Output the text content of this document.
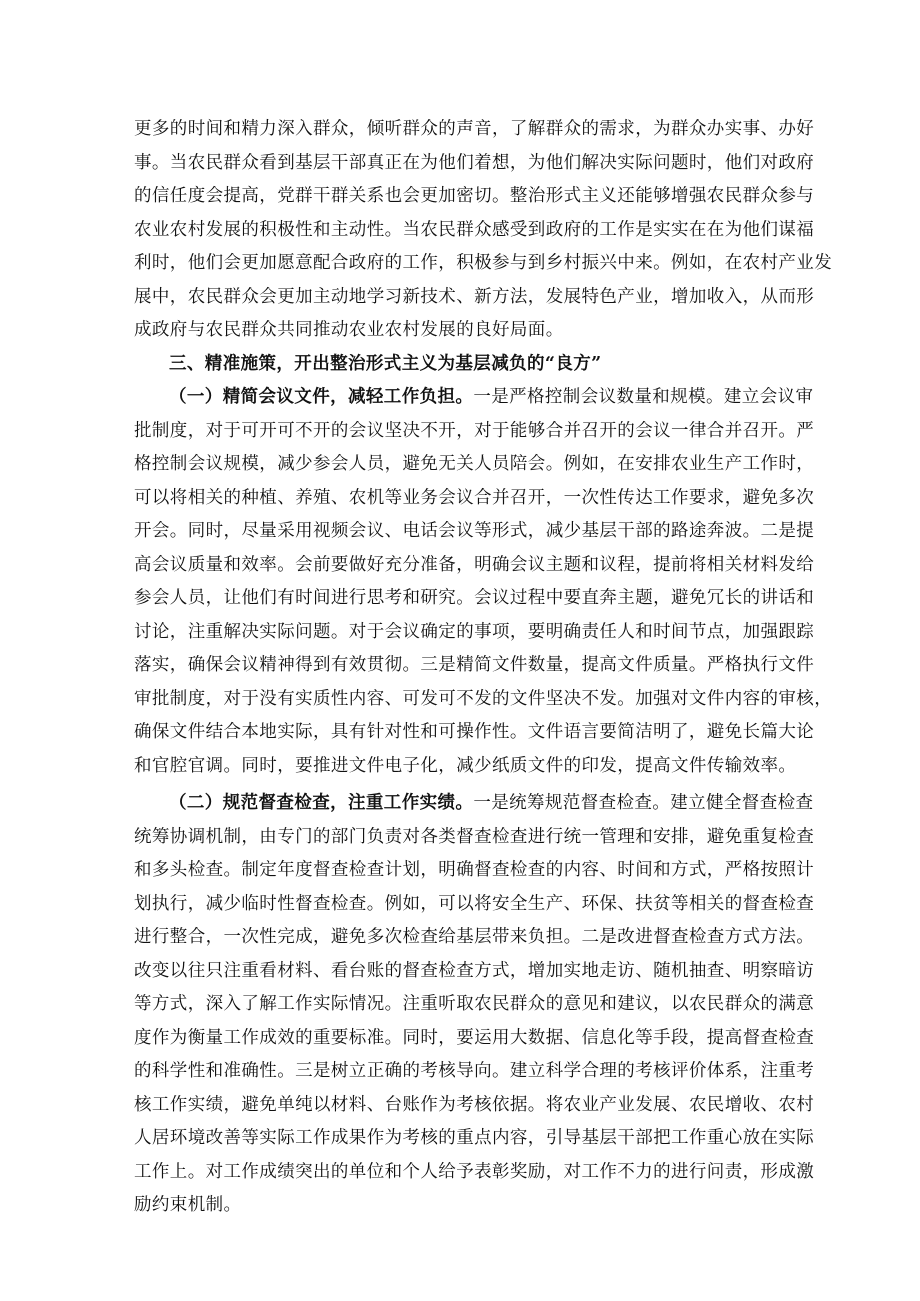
更多的时间和精力深入群众，倾听群众的声音，了解群众的需求，为群众办实事、办好
事。当农民群众看到基层干部真正在为他们着想，为他们解决实际问题时，他们对政府
的信任度会提高，党群干群关系也会更加密切。整治形式主义还能够增强农民群众参与
农业农村发展的积极性和主动性。当农民群众感受到政府的工作是实实在在为他们谋福
利时，他们会更加愿意配合政府的工作，积极参与到乡村振兴中来。例如，在农村产业发
展中，农民群众会更加主动地学习新技术、新方法，发展特色产业，增加收入，从而形
成政府与农民群众共同推动农业农村发展的良好局面。
三、精准施策，开出整治形式主义为基层减负的“良方”
（一）精简会议文件，减轻工作负担。一是严格控制会议数量和规模。建立会议审
批制度，对于可开可不开的会议坚决不开，对于能够合并召开的会议一律合并召开。严
格控制会议规模，减少参会人员，避免无关人员陪会。例如，在安排农业生产工作时，
可以将相关的种植、养殖、农机等业务会议合并召开，一次性传达工作要求，避免多次
开会。同时，尽量采用视频会议、电话会议等形式，减少基层干部的路途奔波。二是提
高会议质量和效率。会前要做好充分准备，明确会议主题和议程，提前将相关材料发给
参会人员，让他们有时间进行思考和研究。会议过程中要直奔主题，避免冗长的讲话和
讨论，注重解决实际问题。对于会议确定的事项，要明确责任人和时间节点，加强跟踪
落实，确保会议精神得到有效贯彻。三是精简文件数量，提高文件质量。严格执行文件
审批制度，对于没有实质性内容、可发可不发的文件坚决不发。加强对文件内容的审核，
确保文件结合本地实际，具有针对性和可操作性。文件语言要简洁明了，避免长篇大论
和官腔官调。同时，要推进文件电子化，减少纸质文件的印发，提高文件传输效率。
（二）规范督查检查，注重工作实绩。一是统筹规范督查检查。建立健全督查检查
统筹协调机制，由专门的部门负责对各类督查检查进行统一管理和安排，避免重复检查
和多头检查。制定年度督查检查计划，明确督查检查的内容、时间和方式，严格按照计
划执行，减少临时性督查检查。例如，可以将安全生产、环保、扶贫等相关的督查检查
进行整合，一次性完成，避免多次检查给基层带来负担。二是改进督查检查方式方法。
改变以往只注重看材料、看台账的督查检查方式，增加实地走访、随机抽查、明察暗访
等方式，深入了解工作实际情况。注重听取农民群众的意见和建议，以农民群众的满意
度作为衡量工作成效的重要标准。同时，要运用大数据、信息化等手段，提高督查检查
的科学性和准确性。三是树立正确的考核导向。建立科学合理的考核评价体系，注重考
核工作实绩，避免单纯以材料、台账作为考核依据。将农业产业发展、农民增收、农村
人居环境改善等实际工作成果作为考核的重点内容，引导基层干部把工作重心放在实际
工作上。对工作成绩突出的单位和个人给予表彰奖励，对工作不力的进行问责，形成激
励约束机制。
